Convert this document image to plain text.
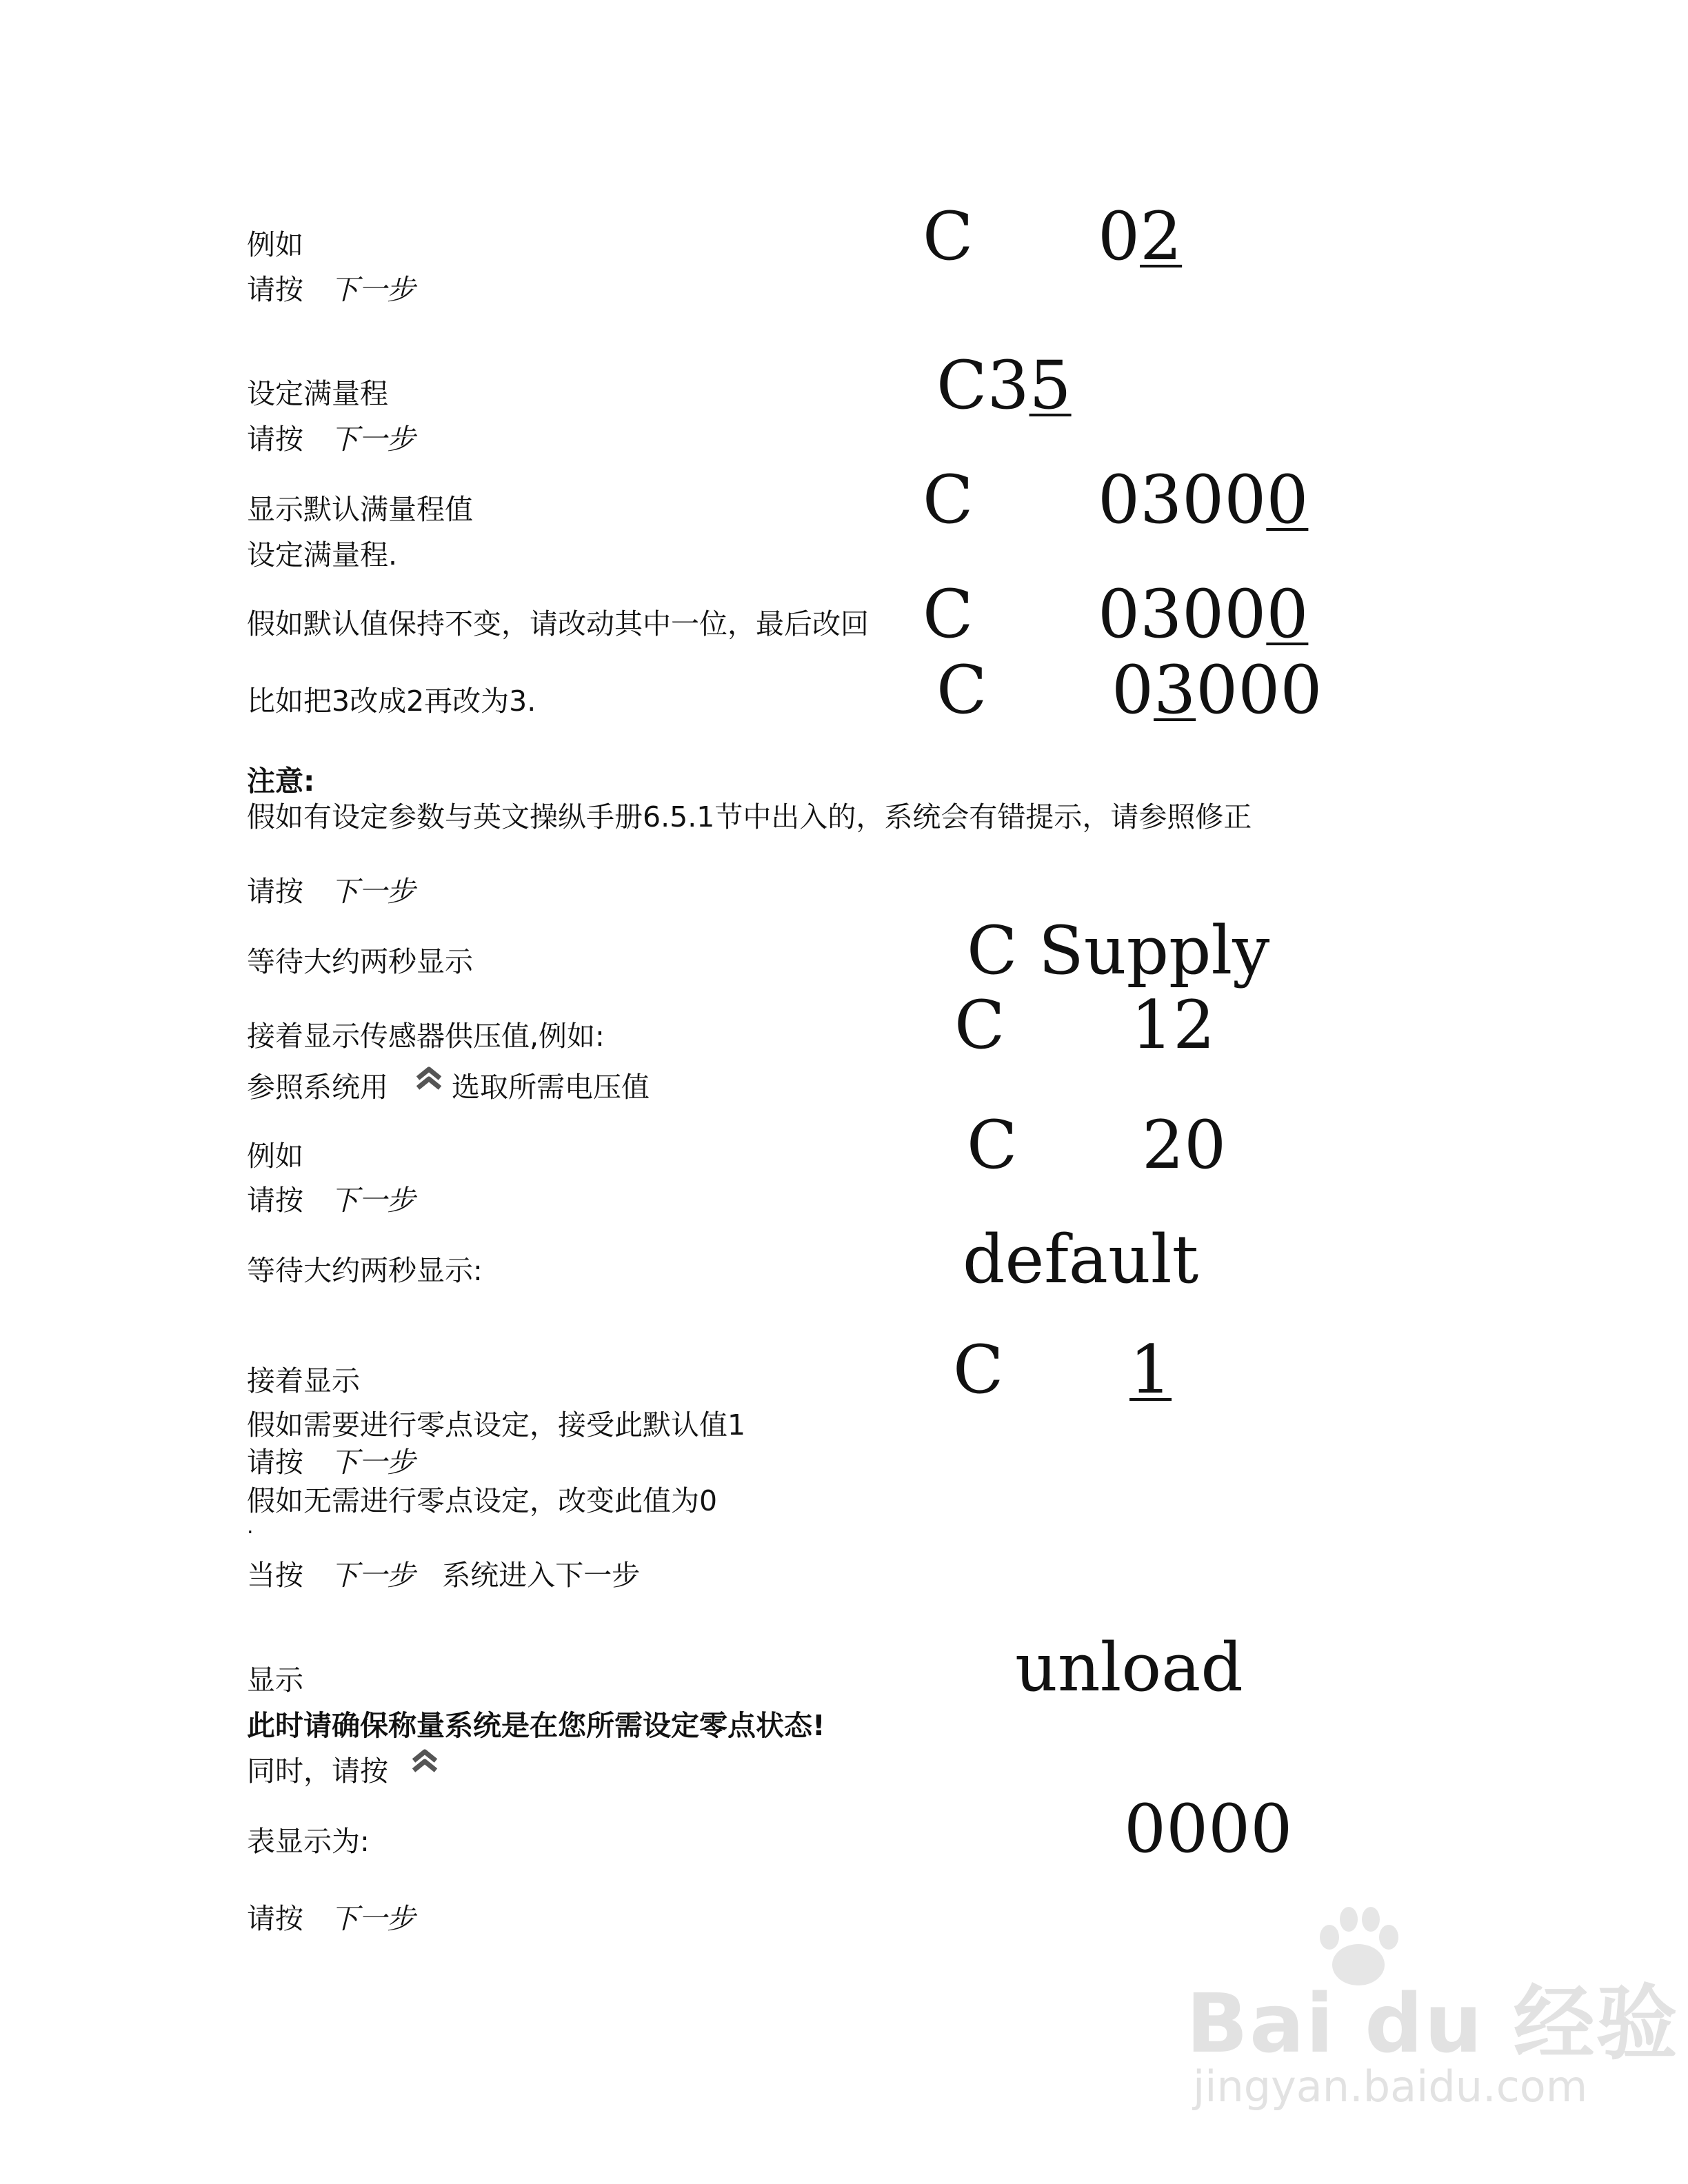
例如	C 02
请按 下一步
设定满量程	C35
请按 下一步
显示默认满量程值	C 03000
设定满量程.
假如默认值保持不变，请改动其中一位，最后改回 C 03000
比如把3改成2再改为3.	C 03000
注意:
假如有设定参数与英文操纵手册6.5.1节中出入的，系统会有错提示，请参照修正
请按 下一步
等待大约两秒显示	C Supply
接着显示传感器供压值,例如:	C 12
参照系统用 选取所需电压值
例如	C 20
请按 下一步
等待大约两秒显示:	default
接着显示	C 1
假如需要进行零点设定，接受此默认值1
请按 下一步
假如无需进行零点设定，改变此值为0
.
当按 下一步 系统进入下一步
显示	unload
此时请确保称量系统是在您所需设定零点状态!
同时，请按
表显示为:	0000
请按 下一步
Bai du 经验
jingyan.baidu.com
